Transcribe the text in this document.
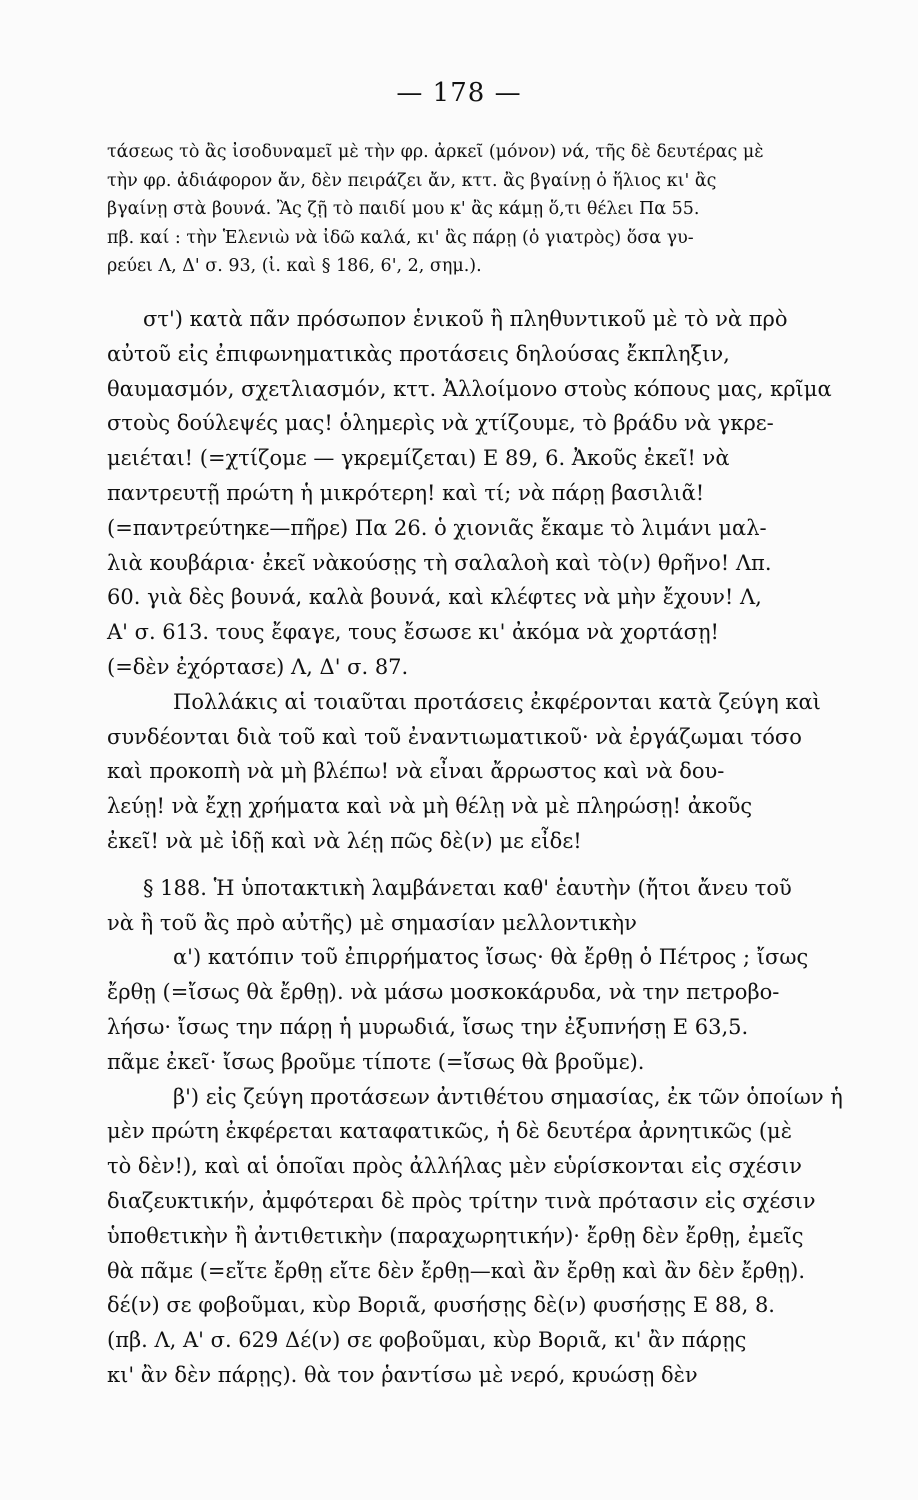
— 178 —

τάσεως τὸ ἂς ἰσοδυναμεῖ μὲ τὴν φρ. ἀρκεῖ (μόνον) νά, τῆς δὲ δευτέρας μὲ
τὴν φρ. ἀδιάφορον ἄν, δὲν πειράζει ἄν, κττ. ἂς βγαίνῃ ὁ ἥλιος κι' ἂς
βγαίνῃ στὰ βουνά. Ἂς ζῇ τὸ παιδί μου κ' ἂς κάμῃ ὅ,τι θέλει Πα 55.
πβ. καί : τὴν Ἑλενιὼ νὰ ἰδῶ καλά, κι' ἂς πάρῃ (ὁ γιατρὸς) ὅσα γυ-
ρεύει Λ, Δ' σ. 93, (ἰ. καὶ § 186, 6', 2, σημ.).

στ') κατὰ πᾶν πρόσωπον ἑνικοῦ ἢ πληθυντικοῦ μὲ τὸ νὰ πρὸ
αὐτοῦ εἰς ἐπιφωνηματικὰς προτάσεις δηλούσας ἔκπληξιν,
θαυμασμόν, σχετλιασμόν, κττ. Ἀλλοίμονο στοὺς κόπους μας, κρῖμα
στοὺς δούλεψές μας! ὁλημερὶς νὰ χτίζουμε, τὸ βράδυ νὰ γκρε-
μειέται! (=χτίζομε — γκρεμίζεται) Ε 89, 6. Ἀκοῦς ἐκεῖ! νὰ
παντρευτῇ πρώτη ἡ μικρότερη! καὶ τί; νὰ πάρῃ βασιλιᾶ!
(=παντρεύτηκε—πῆρε) Πα 26. ὁ χιονιᾶς ἔκαμε τὸ λιμάνι μαλ-
λιὰ κουβάρια· ἐκεῖ νὰκούσῃς τὴ σαλαλοὴ καὶ τὸ(ν) θρῆνο! Λπ.
60. γιὰ δὲς βουνά, καλὰ βουνά, καὶ κλέφτες νὰ μὴν ἔχουν! Λ,
Α' σ. 613. τους ἔφαγε, τους ἔσωσε κι' ἀκόμα νὰ χορτάσῃ!
(=δὲν ἐχόρτασε) Λ, Δ' σ. 87.

Πολλάκις αἱ τοιαῦται προτάσεις ἐκφέρονται κατὰ ζεύγη καὶ
συνδέονται διὰ τοῦ καὶ τοῦ ἐναντιωματικοῦ· νὰ ἐργάζωμαι τόσο
καὶ προκοπὴ νὰ μὴ βλέπω! νὰ εἶναι ἄρρωστος καὶ νὰ δου-
λεύῃ! νὰ ἔχῃ χρήματα καὶ νὰ μὴ θέλῃ νὰ μὲ πληρώσῃ! ἀκοῦς
ἐκεῖ! νὰ μὲ ἰδῇ καὶ νὰ λέῃ πῶς δὲ(ν) με εἶδε!

§ 188. Ἡ ὑποτακτικὴ λαμβάνεται καθ' ἑαυτὴν (ἤτοι ἄνευ τοῦ
νὰ ἢ τοῦ ἂς πρὸ αὐτῆς) μὲ σημασίαν μελλοντικὴν

α') κατόπιν τοῦ ἐπιρρήματος ἴσως· θὰ ἔρθῃ ὁ Πέτρος ; ἴσως
ἔρθῃ (=ἴσως θὰ ἔρθῃ). νὰ μάσω μοσκοκάρυδα, νὰ την πετροβο-
λήσω· ἴσως την πάρῃ ἡ μυρωδιά, ἴσως την ἐξυπνήσῃ Ε 63,5.
πᾶμε ἐκεῖ· ἴσως βροῦμε τίποτε (=ἴσως θὰ βροῦμε).

β') εἰς ζεύγη προτάσεων ἀντιθέτου σημασίας, ἐκ τῶν ὁποίων ἡ
μὲν πρώτη ἐκφέρεται καταφατικῶς, ἡ δὲ δευτέρα ἀρνητικῶς (μὲ
τὸ δὲν!), καὶ αἱ ὁποῖαι πρὸς ἀλλήλας μὲν εὑρίσκονται εἰς σχέσιν
διαζευκτικήν, ἀμφότεραι δὲ πρὸς τρίτην τινὰ πρότασιν εἰς σχέσιν
ὑποθετικὴν ἢ ἀντιθετικὴν (παραχωρητικήν)· ἔρθῃ δὲν ἔρθῃ, ἐμεῖς
θὰ πᾶμε (=εἴτε ἔρθῃ εἴτε δὲν ἔρθῃ—καὶ ἂν ἔρθῃ καὶ ἂν δὲν ἔρθῃ).
δέ(ν) σε φοβοῦμαι, κὺρ Βοριᾶ, φυσήσῃς δὲ(ν) φυσήσῃς Ε 88, 8.
(πβ. Λ, Α' σ. 629 Δέ(ν) σε φοβοῦμαι, κὺρ Βοριᾶ, κι' ἂν πάρῃς
κι' ἂν δὲν πάρῃς). θὰ τον ῥαντίσω μὲ νερό, κρυώσῃ δὲν
